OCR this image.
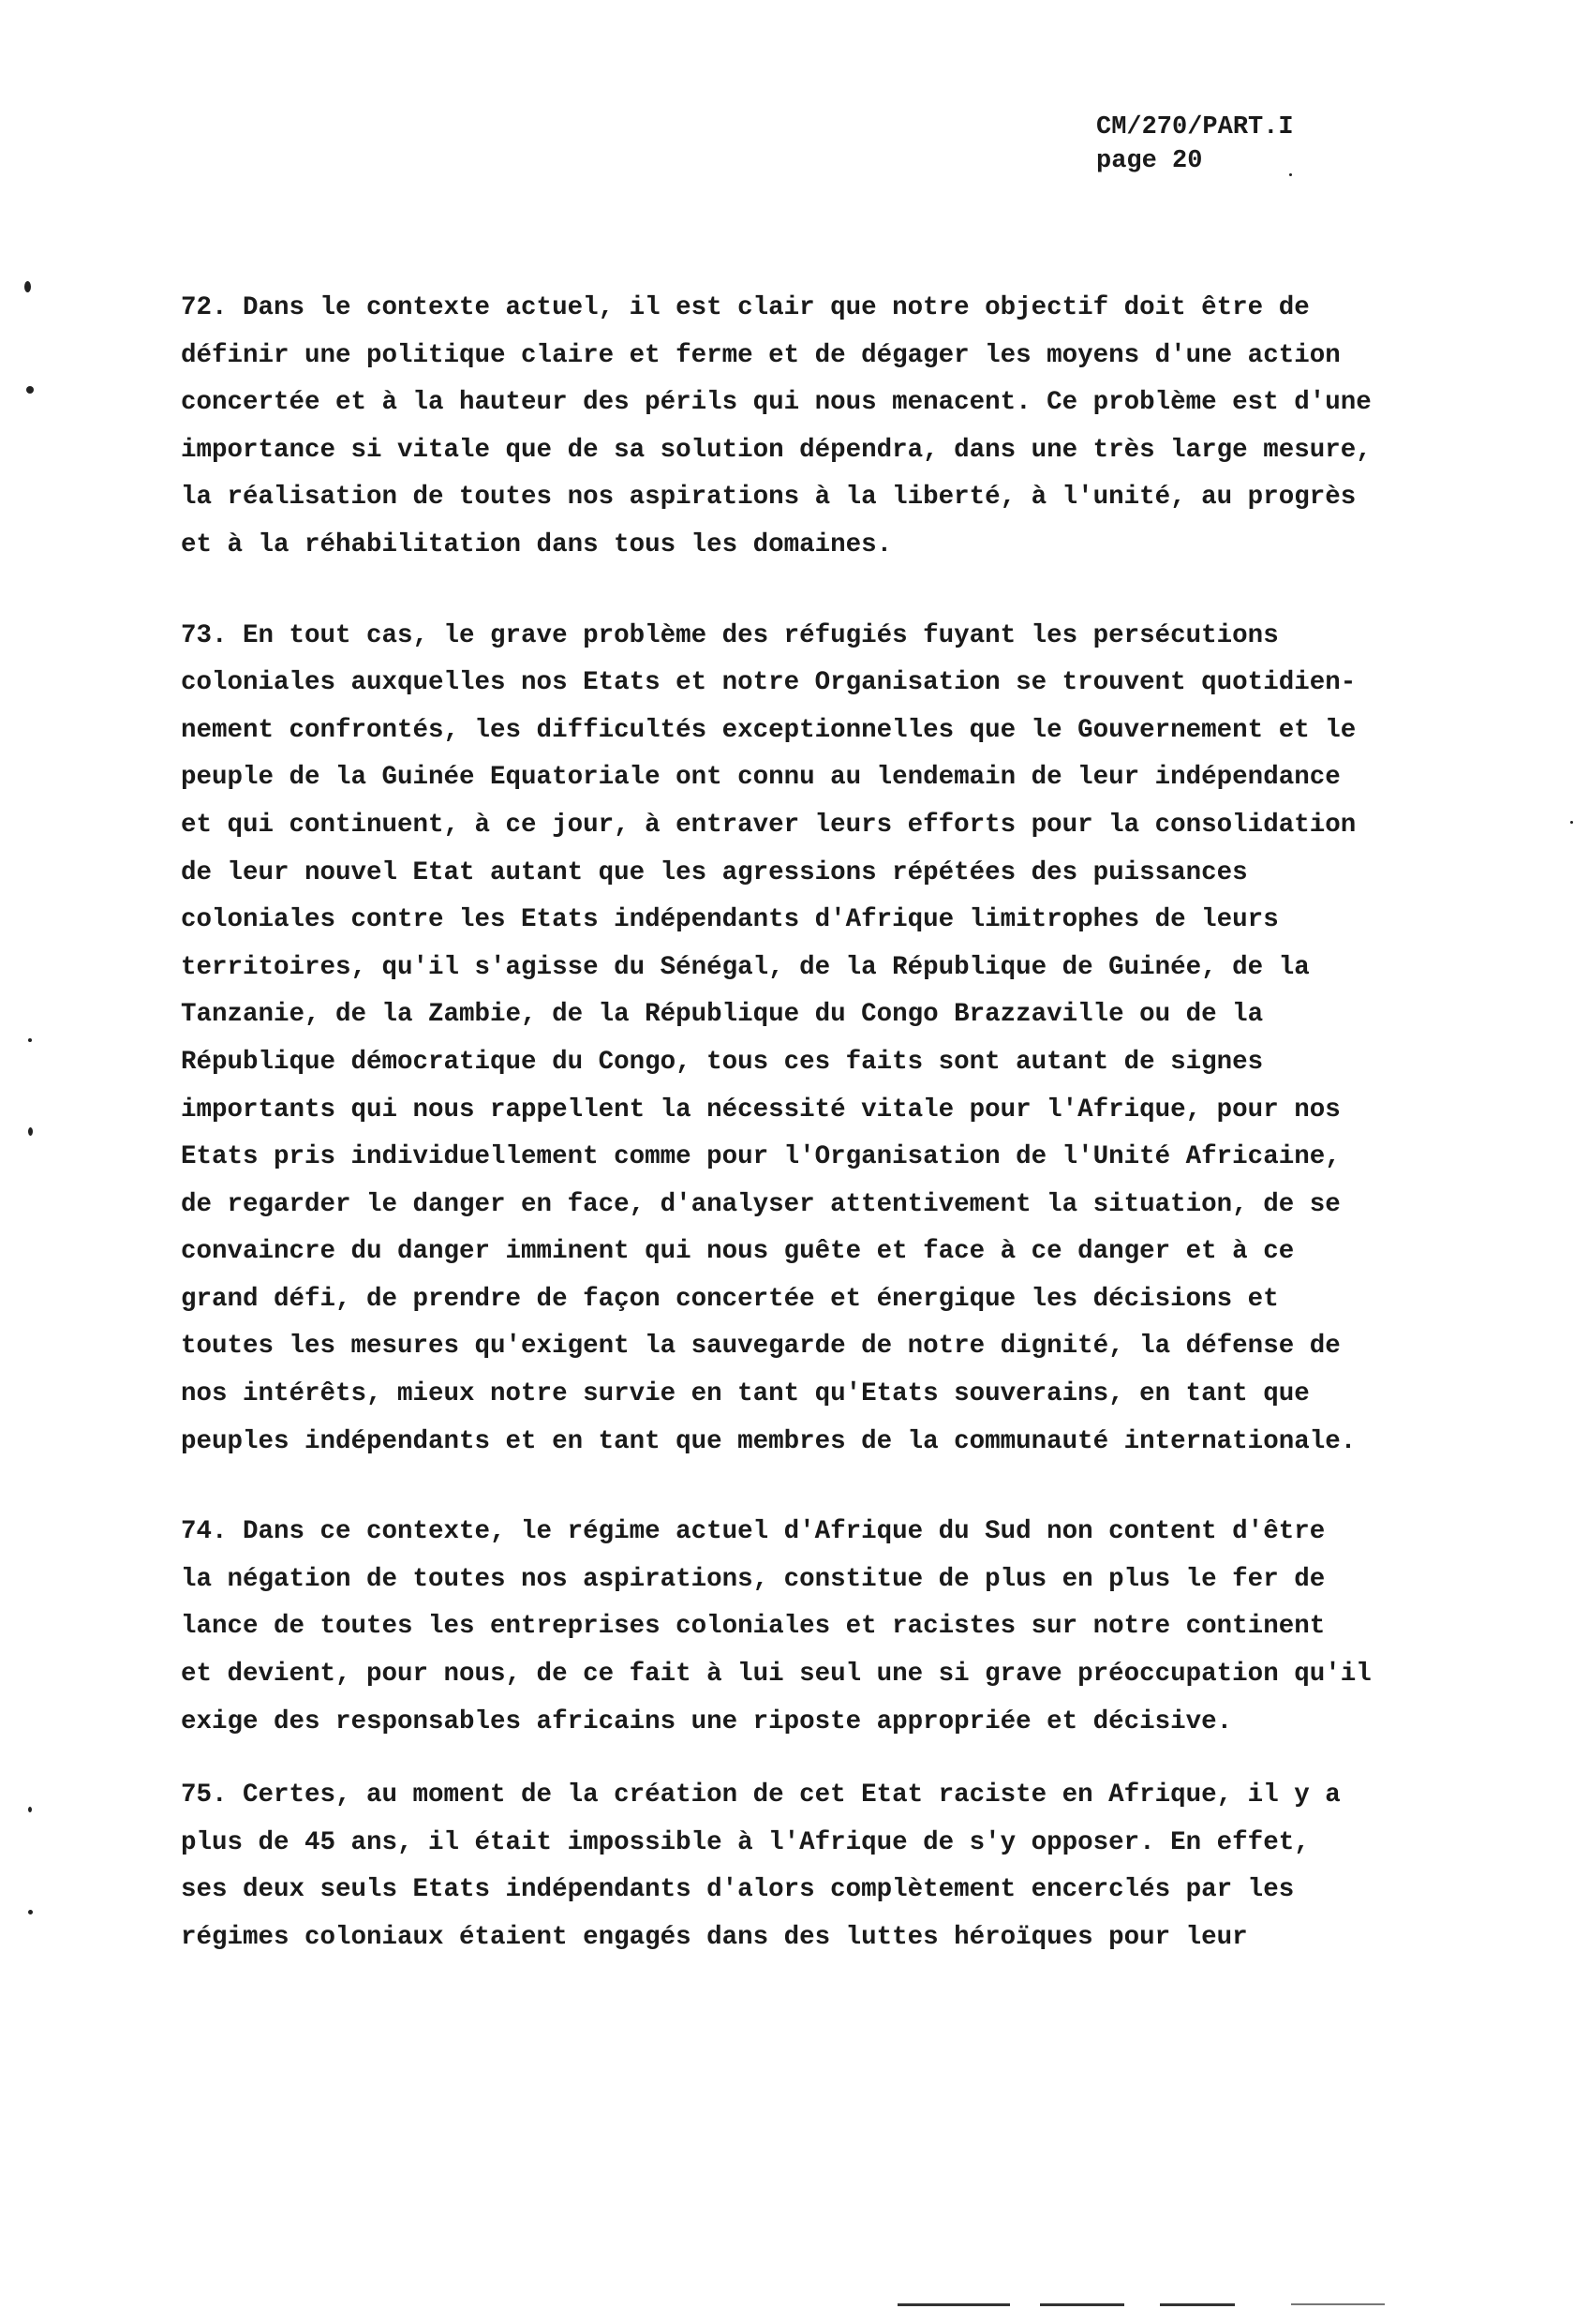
CM/270/PART.I
page 20
72. Dans le contexte actuel, il est clair que notre objectif doit être de
définir une politique claire et ferme et de dégager les moyens d'une action
concertée et à la hauteur des périls qui nous menacent. Ce problème est d'une
importance si vitale que de sa solution dépendra, dans une très large mesure,
la réalisation de toutes nos aspirations à la liberté, à l'unité, au progrès
et à la réhabilitation dans tous les domaines.
73. En tout cas, le grave problème des réfugiés fuyant les persécutions
coloniales auxquelles nos Etats et notre Organisation se trouvent quotidien-
nement confrontés, les difficultés exceptionnelles que le Gouvernement et le
peuple de la Guinée Equatoriale ont connu au lendemain de leur indépendance
et qui continuent, à ce jour, à entraver leurs efforts pour la consolidation
de leur nouvel Etat autant que les agressions répétées des puissances
coloniales contre les Etats indépendants d'Afrique limitrophes de leurs
territoires, qu'il s'agisse du Sénégal, de la République de Guinée, de la
Tanzanie, de la Zambie, de la République du Congo Brazzaville ou de la
République démocratique du Congo, tous ces faits sont autant de signes
importants qui nous rappellent la nécessité vitale pour l'Afrique, pour nos
Etats pris individuellement comme pour l'Organisation de l'Unité Africaine,
de regarder le danger en face, d'analyser attentivement la situation, de se
convaincre du danger imminent qui nous guête et face à ce danger et à ce
grand défi, de prendre de façon concertée et énergique les décisions et
toutes les mesures qu'exigent la sauvegarde de notre dignité, la défense de
nos intérêts, mieux notre survie en tant qu'Etats souverains, en tant que
peuples indépendants et en tant que membres de la communauté internationale.
74. Dans ce contexte, le régime actuel d'Afrique du Sud non content d'être
la négation de toutes nos aspirations, constitue de plus en plus le fer de
lance de toutes les entreprises coloniales et racistes sur notre continent
et devient, pour nous, de ce fait à lui seul une si grave préoccupation qu'il
exige des responsables africains une riposte appropriée et décisive.
75. Certes, au moment de la création de cet Etat raciste en Afrique, il y a
plus de 45 ans, il était impossible à l'Afrique de s'y opposer. En effet,
ses deux seuls Etats indépendants d'alors complètement encerclés par les
régimes coloniaux étaient engagés dans des luttes héroïques pour leur
